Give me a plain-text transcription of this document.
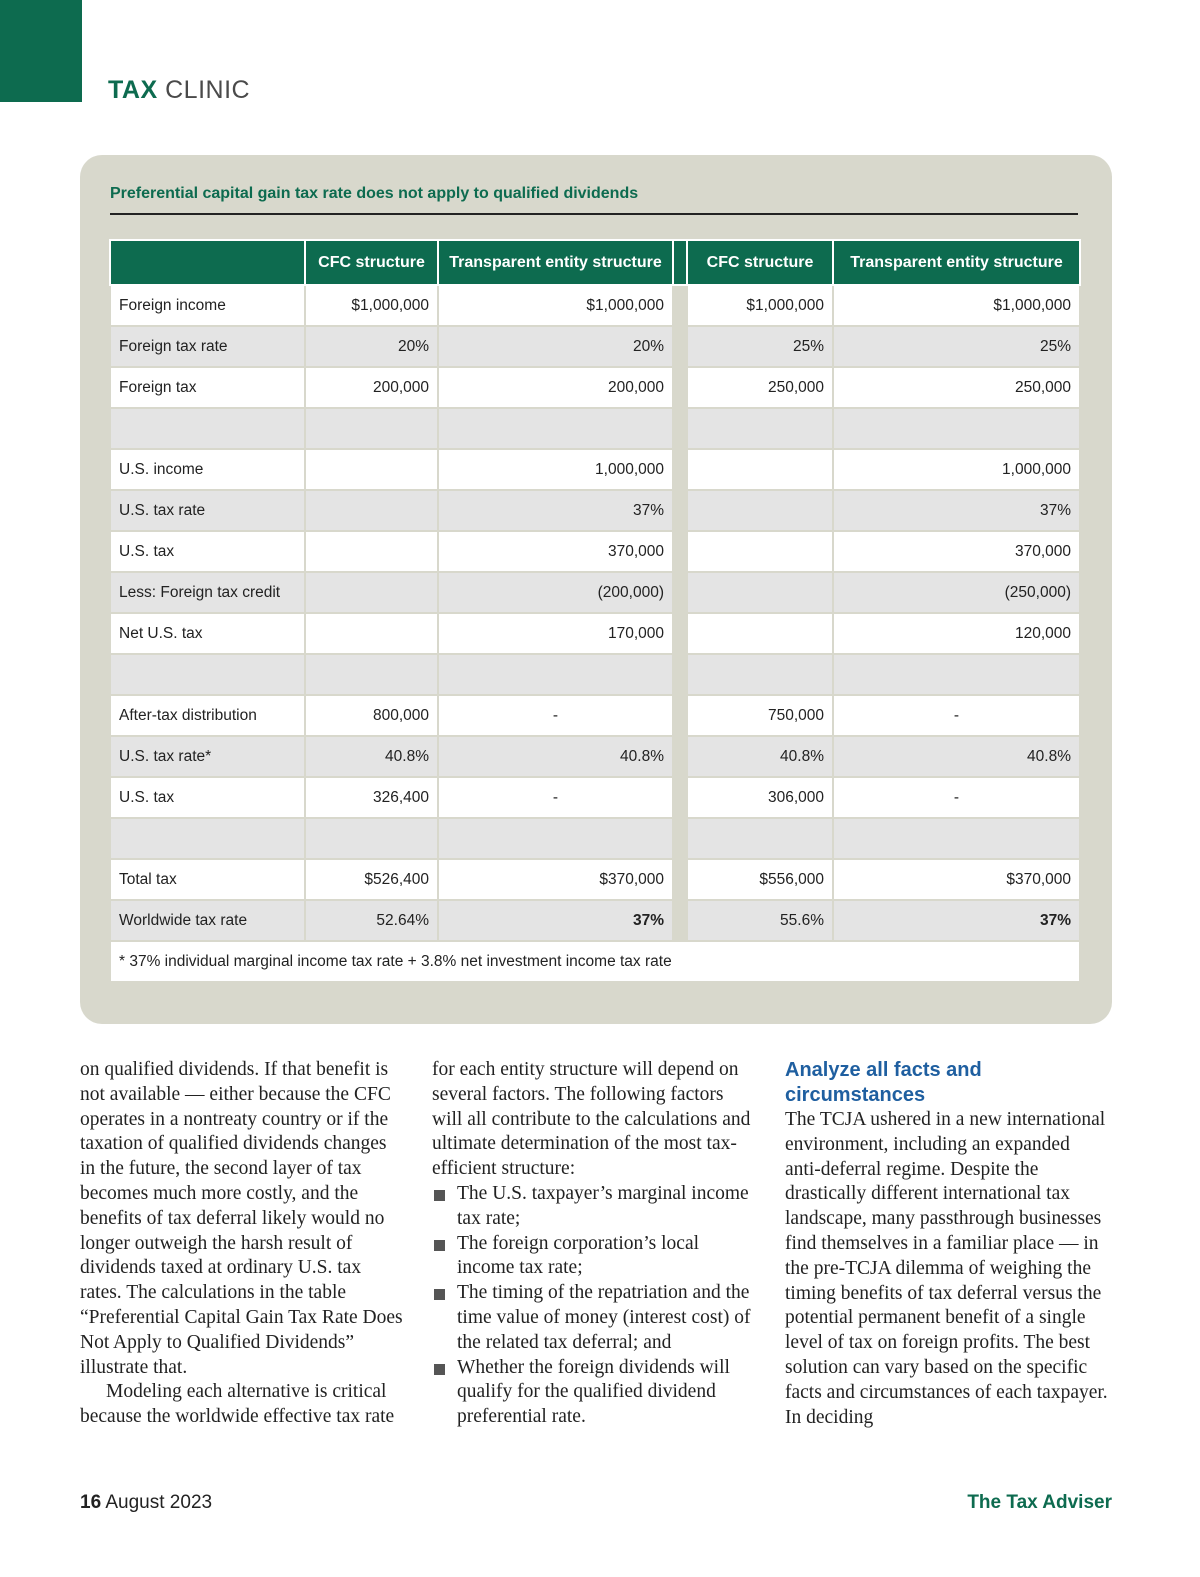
TAX CLINIC
Preferential capital gain tax rate does not apply to qualified dividends
	CFC structure	Transparent entity structure		CFC structure	Transparent entity structure
Foreign income	$1,000,000	$1,000,000		$1,000,000	$1,000,000
Foreign tax rate	20%	20%		25%	25%
Foreign tax	200,000	200,000		250,000	250,000

U.S. income		1,000,000			1,000,000
U.S. tax rate		37%			37%
U.S. tax		370,000			370,000
Less: Foreign tax credit		(200,000)			(250,000)
Net U.S. tax		170,000			120,000

After-tax distribution	800,000	-		750,000	-
U.S. tax rate*	40.8%	40.8%		40.8%	40.8%
U.S. tax	326,400	-		306,000	-

Total tax	$526,400	$370,000		$556,000	$370,000
Worldwide tax rate	52.64%	37%		55.6%	37%
* 37% individual marginal income tax rate + 3.8% net investment income tax rate					

on qualified dividends. If that benefit is not available — either because the CFC operates in a nontreaty country or if the taxation of qualified dividends changes in the future, the second layer of tax becomes much more costly, and the benefits of tax deferral likely would no longer outweigh the harsh result of dividends taxed at ordinary U.S. tax rates. The calculations in the table “Preferential Capital Gain Tax Rate Does Not Apply to Qualified Dividends” illustrate that.

Modeling each alternative is critical because the worldwide effective tax rate

for each entity structure will depend on several factors. The following factors will all contribute to the calculations and ultimate determination of the most tax-efficient structure:

The U.S. taxpayer’s marginal income tax rate;
The foreign corporation’s local income tax rate;
The timing of the repatriation and the time value of money (interest cost) of the related tax deferral; and
Whether the foreign dividends will qualify for the qualified dividend preferential rate.
Analyze all facts and circumstances

The TCJA ushered in a new international environment, including an expanded anti-deferral regime. Despite the drastically different international tax landscape, many passthrough businesses find themselves in a familiar place — in the pre-TCJA dilemma of weighing the timing benefits of tax deferral versus the potential permanent benefit of a single level of tax on foreign profits. The best solution can vary based on the specific facts and circumstances of each taxpayer. In deciding

16 August 2023	The Tax Adviser
